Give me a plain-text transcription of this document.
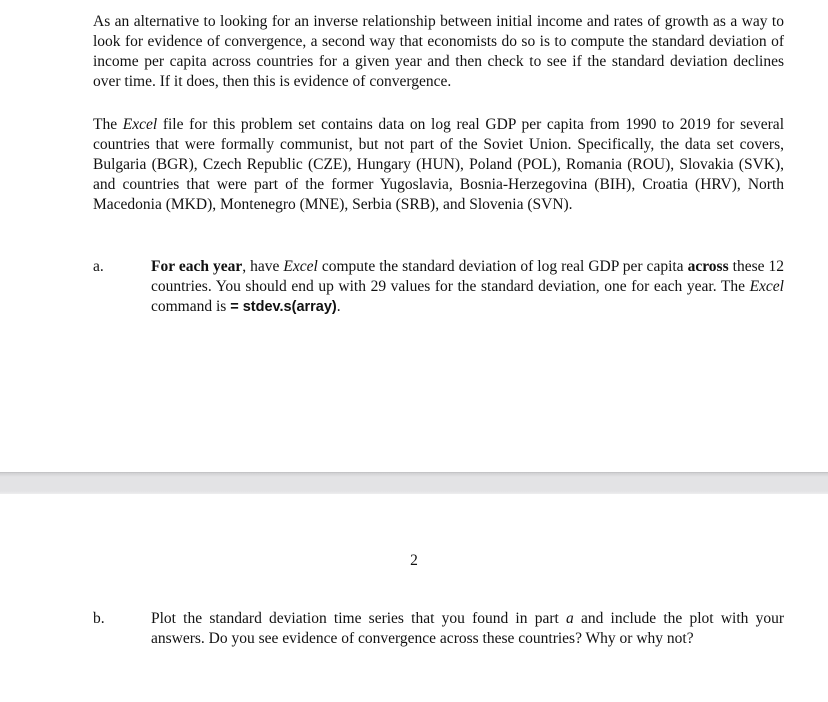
As an alternative to looking for an inverse relationship between initial income and rates of growth as a way to look for evidence of convergence, a second way that economists do so is to compute the standard deviation of income per capita across countries for a given year and then check to see if the standard deviation declines over time. If it does, then this is evidence of convergence.

The Excel file for this problem set contains data on log real GDP per capita from 1990 to 2019 for several countries that were formally communist, but not part of the Soviet Union. Specifically, the data set covers, Bulgaria (BGR), Czech Republic (CZE), Hungary (HUN), Poland (POL), Romania (ROU), Slovakia (SVK), and countries that were part of the former Yugoslavia, Bosnia-Herzegovina (BIH), Croatia (HRV), North Macedonia (MKD), Montenegro (MNE), Serbia (SRB), and Slovenia (SVN).

a.	For each year, have Excel compute the standard deviation of log real GDP per capita across these 12 countries. You should end up with 29 values for the standard deviation, one for each year. The Excel command is = stdev.s(array).

2
b.	Plot the standard deviation time series that you found in part a and include the plot with your answers. Do you see evidence of convergence across these countries? Why or why not?
